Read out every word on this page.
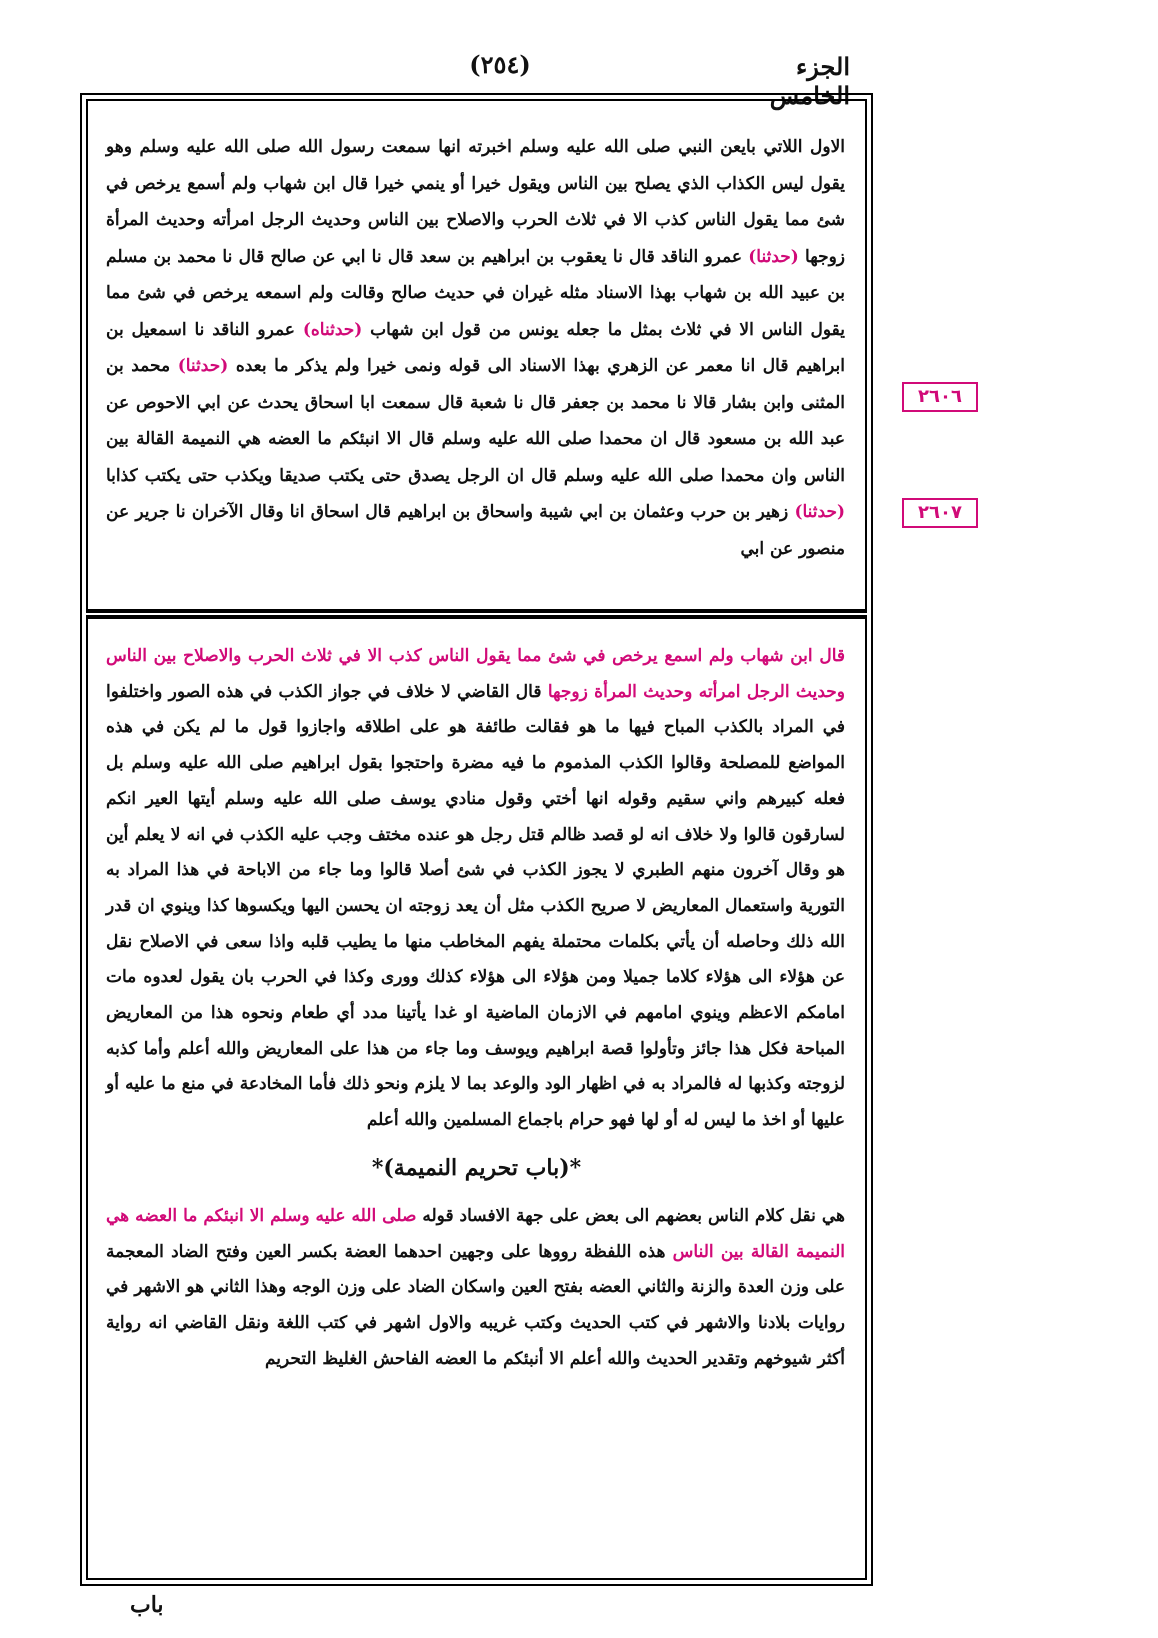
(٢٥٤)	الجزء الخامس

الاول اللاتي بايعن النبي صلى الله عليه وسلم اخبرته انها سمعت رسول الله صلى الله عليه وسلم وهو يقول ليس الكذاب الذي يصلح بين الناس ويقول خيرا أو ينمي خيرا قال ابن شهاب ولم أسمع يرخص في شئ مما يقول الناس كذب الا في ثلاث الحرب والاصلاح بين الناس وحديث الرجل امرأته وحديث المرأة زوجها (حدثنا) عمرو الناقد قال نا يعقوب بن ابراهيم بن سعد قال نا ابي عن صالح قال نا محمد بن مسلم بن عبيد الله بن شهاب بهذا الاسناد مثله غيران في حديث صالح وقالت ولم اسمعه يرخص في شئ مما يقول الناس الا في ثلاث بمثل ما جعله يونس من قول ابن شهاب (حدثناه) عمرو الناقد نا اسمعيل بن ابراهيم قال انا معمر عن الزهري بهذا الاسناد الى قوله ونمى خيرا ولم يذكر ما بعده (حدثنا) محمد بن المثنى وابن بشار قالا نا محمد بن جعفر قال نا شعبة قال سمعت ابا اسحاق يحدث عن ابي الاحوص عن عبد الله بن مسعود قال ان محمدا صلى الله عليه وسلم قال الا انبئكم ما العضه هي النميمة القالة بين الناس وان محمدا صلى الله عليه وسلم قال ان الرجل يصدق حتى يكتب صديقا ويكذب حتى يكتب كذابا (حدثنا) زهير بن حرب وعثمان بن ابي شيبة واسحاق بن ابراهيم قال اسحاق انا وقال الآخران نا جرير عن منصور عن ابي

قال ابن شهاب ولم اسمع يرخص في شئ مما يقول الناس كذب الا في ثلاث الحرب والاصلاح بين الناس وحديث الرجل امرأته وحديث المرأة زوجها قال القاضي لا خلاف في جواز الكذب في هذه الصور واختلفوا في المراد بالكذب المباح فيها ما هو فقالت طائفة هو على اطلاقه واجازوا قول ما لم يكن في هذه المواضع للمصلحة وقالوا الكذب المذموم ما فيه مضرة واحتجوا بقول ابراهيم صلى الله عليه وسلم بل فعله كبيرهم واني سقيم وقوله انها أختي وقول منادي يوسف صلى الله عليه وسلم أيتها العير انكم لسارقون قالوا ولا خلاف انه لو قصد ظالم قتل رجل هو عنده مختف وجب عليه الكذب في انه لا يعلم أين هو وقال آخرون منهم الطبري لا يجوز الكذب في شئ أصلا قالوا وما جاء من الاباحة في هذا المراد به التورية واستعمال المعاريض لا صريح الكذب مثل أن يعد زوجته ان يحسن اليها ويكسوها كذا وينوي ان قدر الله ذلك وحاصله أن يأتي بكلمات محتملة يفهم المخاطب منها ما يطيب قلبه واذا سعى في الاصلاح نقل عن هؤلاء الى هؤلاء كلاما جميلا ومن هؤلاء الى هؤلاء كذلك وورى وكذا في الحرب بان يقول لعدوه مات امامكم الاعظم وينوي امامهم في الازمان الماضية او غدا يأتينا مدد أي طعام ونحوه هذا من المعاريض المباحة فكل هذا جائز وتأولوا قصة ابراهيم ويوسف وما جاء من هذا على المعاريض والله أعلم وأما كذبه لزوجته وكذبها له فالمراد به في اظهار الود والوعد بما لا يلزم ونحو ذلك فأما المخادعة في منع ما عليه أو عليها أو اخذ ما ليس له أو لها فهو حرام باجماع المسلمين والله أعلم

*(باب تحريم النميمة)*

هي نقل كلام الناس بعضهم الى بعض على جهة الافساد قوله صلى الله عليه وسلم الا انبئكم ما العضه هي النميمة القالة بين الناس هذه اللفظة رووها على وجهين احدهما العضة بكسر العين وفتح الضاد المعجمة على وزن العدة والزنة والثاني العضه بفتح العين واسكان الضاد على وزن الوجه وهذا الثاني هو الاشهر في روايات بلادنا والاشهر في كتب الحديث وكتب غريبه والاول اشهر في كتب اللغة ونقل القاضي انه رواية أكثر شيوخهم وتقدير الحديث والله أعلم الا أنبئكم ما العضه الفاحش الغليظ التحريم

٢٦٠٦
٢٦٠٧
باب
